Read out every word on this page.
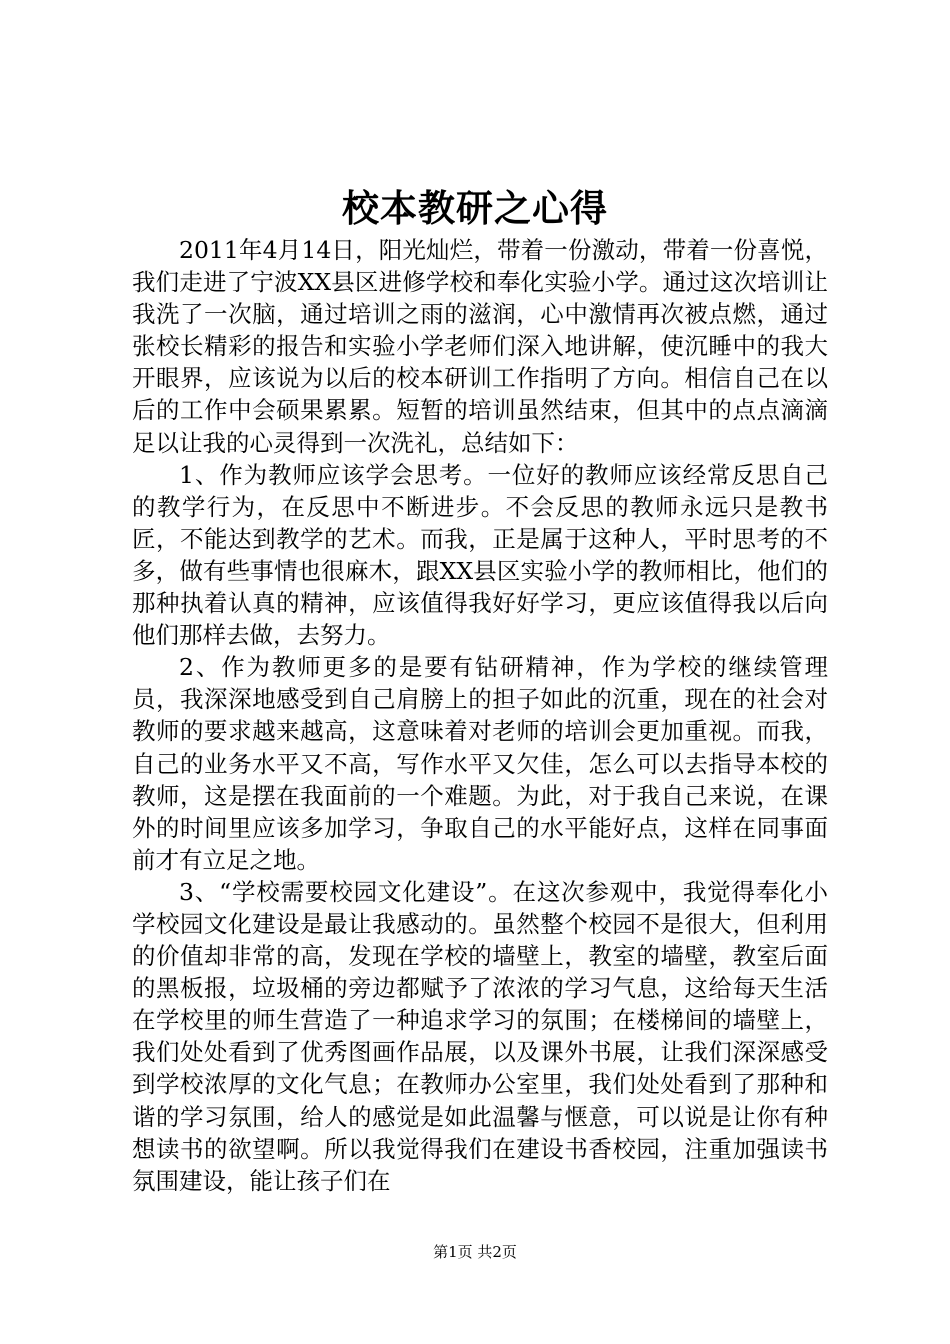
校本教研之心得

2011年4月14日，阳光灿烂，带着一份激动，带着一份喜悦，我们走进了宁波XX县区进修学校和奉化实验小学。通过这次培训让我洗了一次脑，通过培训之雨的滋润，心中激情再次被点燃，通过张校长精彩的报告和实验小学老师们深入地讲解，使沉睡中的我大开眼界，应该说为以后的校本研训工作指明了方向。相信自己在以后的工作中会硕果累累。短暂的培训虽然结束，但其中的点点滴滴足以让我的心灵得到一次洗礼，总结如下：

1、作为教师应该学会思考。一位好的教师应该经常反思自己的教学行为，在反思中不断进步。不会反思的教师永远只是教书匠，不能达到教学的艺术。而我，正是属于这种人，平时思考的不多，做有些事情也很麻木，跟XX县区实验小学的教师相比，他们的那种执着认真的精神，应该值得我好好学习，更应该值得我以后向他们那样去做，去努力。

2、作为教师更多的是要有钻研精神，作为学校的继续管理员，我深深地感受到自己肩膀上的担子如此的沉重，现在的社会对教师的要求越来越高，这意味着对老师的培训会更加重视。而我，自己的业务水平又不高，写作水平又欠佳，怎么可以去指导本校的教师，这是摆在我面前的一个难题。为此，对于我自己来说，在课外的时间里应该多加学习，争取自己的水平能好点，这样在同事面前才有立足之地。

3、“学校需要校园文化建设”。在这次参观中，我觉得奉化小学校园文化建设是最让我感动的。虽然整个校园不是很大，但利用的价值却非常的高，发现在学校的墙壁上，教室的墙壁，教室后面的黑板报，垃圾桶的旁边都赋予了浓浓的学习气息，这给每天生活在学校里的师生营造了一种追求学习的氛围；在楼梯间的墙壁上，我们处处看到了优秀图画作品展，以及课外书展，让我们深深感受到学校浓厚的文化气息；在教师办公室里，我们处处看到了那种和谐的学习氛围，给人的感觉是如此温馨与惬意，可以说是让你有种想读书的欲望啊。所以我觉得我们在建设书香校园，注重加强读书氛围建设，能让孩子们在

第1页 共2页
